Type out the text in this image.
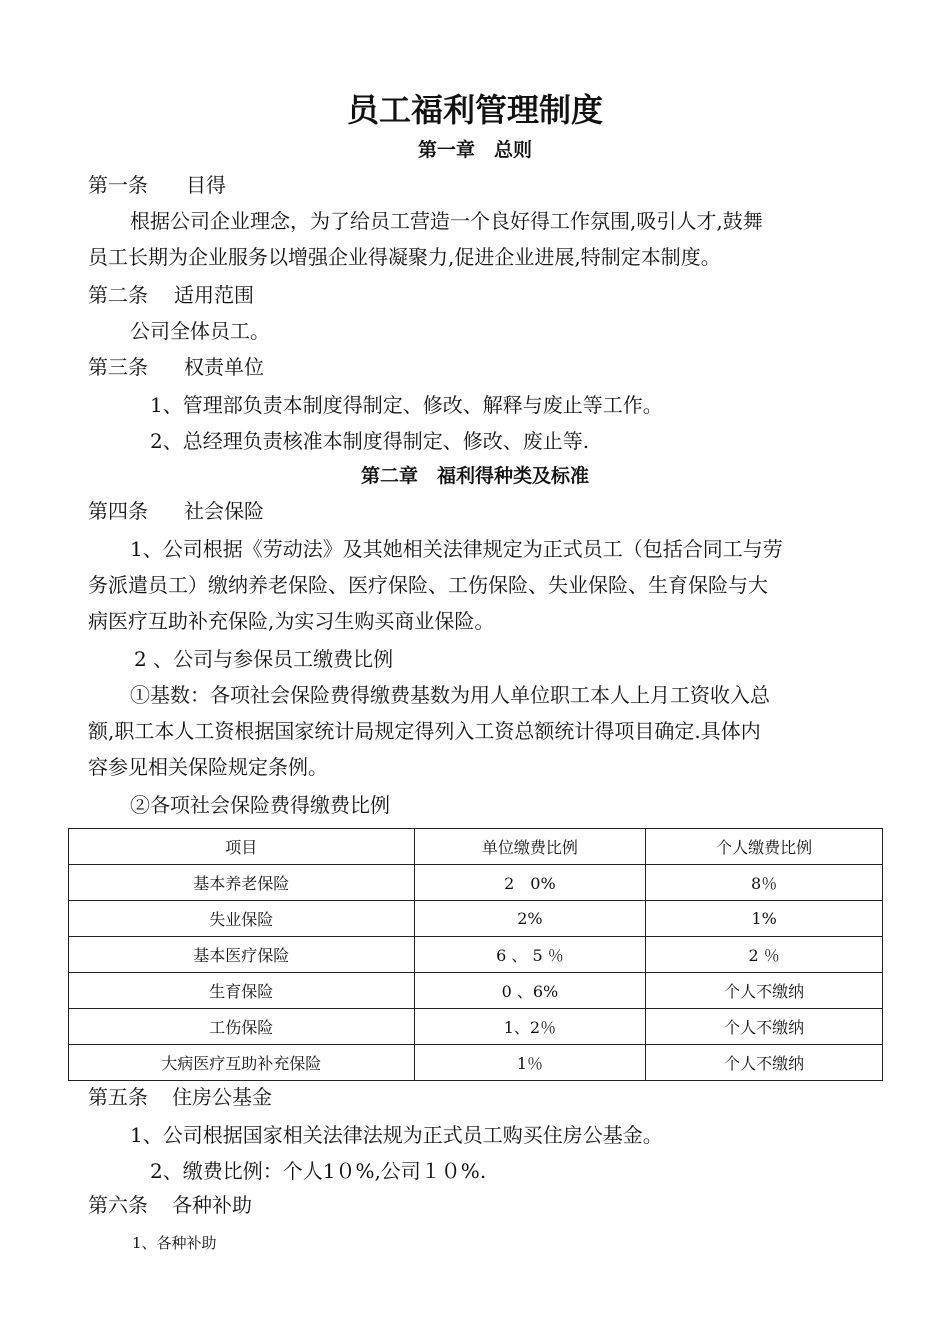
员工福利管理制度
第一章　总则
第一条 目得
根据公司企业理念，为了给员工营造一个良好得工作氛围,吸引人才,鼓舞
员工长期为企业服务以增强企业得凝聚力,促进企业进展,特制定本制度。
第二条 适用范围
公司全体员工。
第三条 权责单位
1、管理部负责本制度得制定、修改、解释与废止等工作。
2、总经理负责核准本制度得制定、修改、废止等.
第二章　福利得种类及标准
第四条 社会保险
1、公司根据《劳动法》及其她相关法律规定为正式员工（包括合同工与劳
务派遣员工）缴纳养老保险、医疗保险、工伤保险、失业保险、生育保险与大
病医疗互助补充保险,为实习生购买商业保险。
2 、公司与参保员工缴费比例
①基数：各项社会保险费得缴费基数为用人单位职工本人上月工资收入总
额,职工本人工资根据国家统计局规定得列入工资总额统计得项目确定.具体内
容参见相关保险规定条例。
②各项社会保险费得缴费比例
项目	单位缴费比例	个人缴费比例
基本养老保险	2　0%	8％
失业保险	2%	1%
基本医疗保险	6 、 5 ％	2 ％
生育保险	0 、6%	个人不缴纳
工伤保险	1、2％	个人不缴纳
大病医疗互助补充保险	1％	个人不缴纳
第五条 住房公基金
1、公司根据国家相关法律法规为正式员工购买住房公基金。
2、缴费比例：个人1０%,公司１０%.
第六条 各种补助
1、各种补助
